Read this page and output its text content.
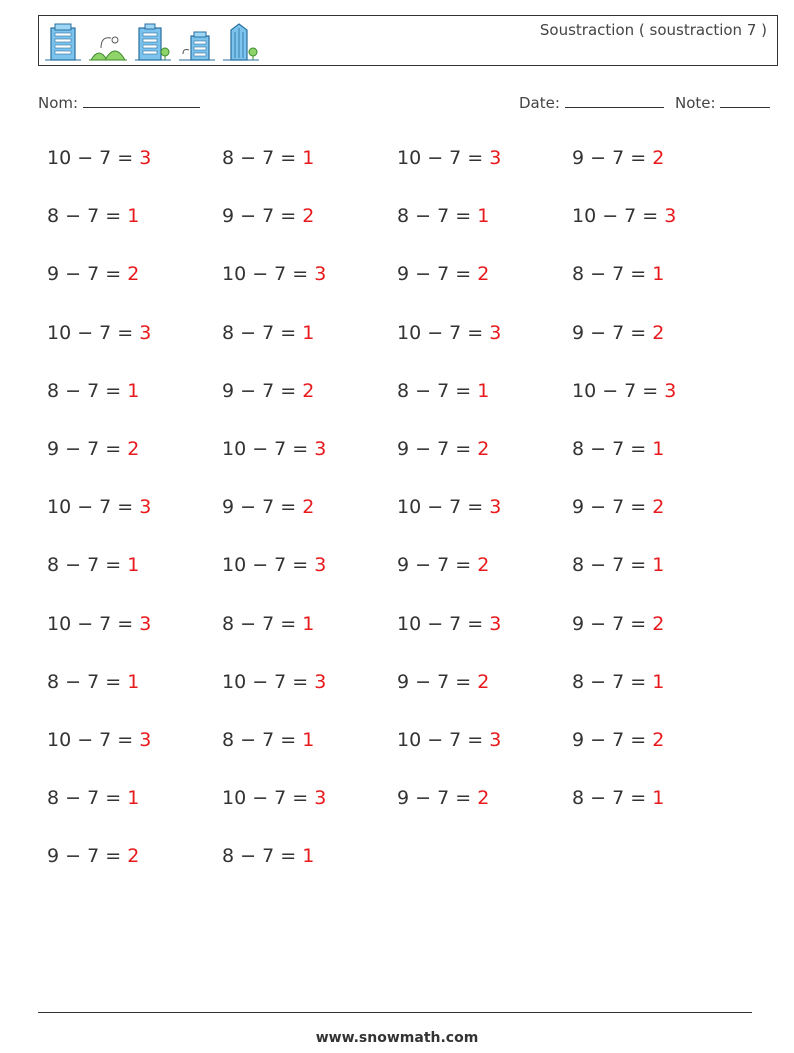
Soustraction ( soustraction 7 )
Nom:	Date:	Note:
10 − 7 = 3	8 − 7 = 1	10 − 7 = 3	9 − 7 = 2
8 − 7 = 1	9 − 7 = 2	8 − 7 = 1	10 − 7 = 3
9 − 7 = 2	10 − 7 = 3	9 − 7 = 2	8 − 7 = 1
10 − 7 = 3	8 − 7 = 1	10 − 7 = 3	9 − 7 = 2
8 − 7 = 1	9 − 7 = 2	8 − 7 = 1	10 − 7 = 3
9 − 7 = 2	10 − 7 = 3	9 − 7 = 2	8 − 7 = 1
10 − 7 = 3	9 − 7 = 2	10 − 7 = 3	9 − 7 = 2
8 − 7 = 1	10 − 7 = 3	9 − 7 = 2	8 − 7 = 1
10 − 7 = 3	8 − 7 = 1	10 − 7 = 3	9 − 7 = 2
8 − 7 = 1	10 − 7 = 3	9 − 7 = 2	8 − 7 = 1
10 − 7 = 3	8 − 7 = 1	10 − 7 = 3	9 − 7 = 2
8 − 7 = 1	10 − 7 = 3	9 − 7 = 2	8 − 7 = 1
9 − 7 = 2	8 − 7 = 1
www.snowmath.com
